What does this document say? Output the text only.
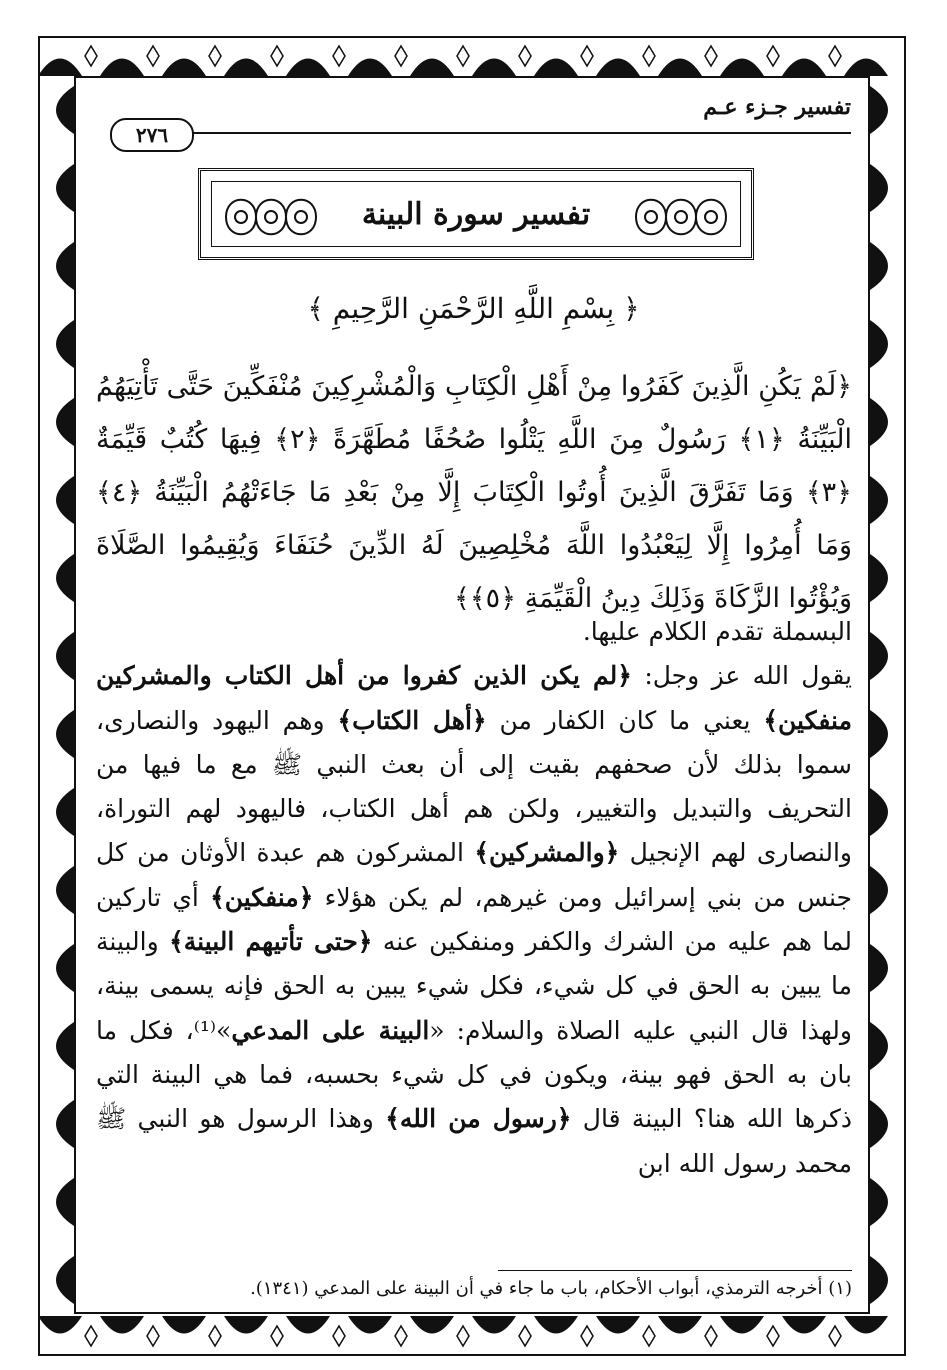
تفسير جـزء عـم
٢٧٦
تفسير سورة البينة
﴿ بِسْمِ اللَّهِ الرَّحْمَنِ الرَّحِيمِ ﴾
﴿لَمْ يَكُنِ الَّذِينَ كَفَرُوا مِنْ أَهْلِ الْكِتَابِ وَالْمُشْرِكِينَ مُنْفَكِّينَ حَتَّى تَأْتِيَهُمُ الْبَيِّنَةُ ﴿١﴾ رَسُولٌ مِنَ اللَّهِ يَتْلُوا صُحُفًا مُطَهَّرَةً ﴿٢﴾ فِيهَا كُتُبٌ قَيِّمَةٌ ﴿٣﴾ وَمَا تَفَرَّقَ الَّذِينَ أُوتُوا الْكِتَابَ إِلَّا مِنْ بَعْدِ مَا جَاءَتْهُمُ الْبَيِّنَةُ ﴿٤﴾ وَمَا أُمِرُوا إِلَّا لِيَعْبُدُوا اللَّهَ مُخْلِصِينَ لَهُ الدِّينَ حُنَفَاءَ وَيُقِيمُوا الصَّلَاةَ وَيُؤْتُوا الزَّكَاةَ وَذَلِكَ دِينُ الْقَيِّمَةِ ﴿٥﴾﴾

البسملة تقدم الكلام عليها.

يقول الله عز وجل: ﴿لم يكن الذين كفروا من أهل الكتاب والمشركين منفكين﴾ يعني ما كان الكفار من ﴿أهل الكتاب﴾ وهم اليهود والنصارى، سموا بذلك لأن صحفهم بقيت إلى أن بعث النبي ﷺ مع ما فيها من التحريف والتبديل والتغيير، ولكن هم أهل الكتاب، فاليهود لهم التوراة، والنصارى لهم الإنجيل ﴿والمشركين﴾ المشركون هم عبدة الأوثان من كل جنس من بني إسرائيل ومن غيرهم، لم يكن هؤلاء ﴿منفكين﴾ أي تاركين لما هم عليه من الشرك والكفر ومنفكين عنه ﴿حتى تأتيهم البينة﴾ والبينة ما يبين به الحق في كل شيء، فكل شيء يبين به الحق فإنه يسمى بينة، ولهذا قال النبي عليه الصلاة والسلام: «البينة على المدعي»⁽¹⁾، فكل ما بان به الحق فهو بينة، ويكون في كل شيء بحسبه، فما هي البينة التي ذكرها الله هنا؟ البينة قال ﴿رسول من الله﴾ وهذا الرسول هو النبي ﷺ محمد رسول الله ابن

(١) أخرجه الترمذي، أبواب الأحكام، باب ما جاء في أن البينة على المدعي (١٣٤١).
